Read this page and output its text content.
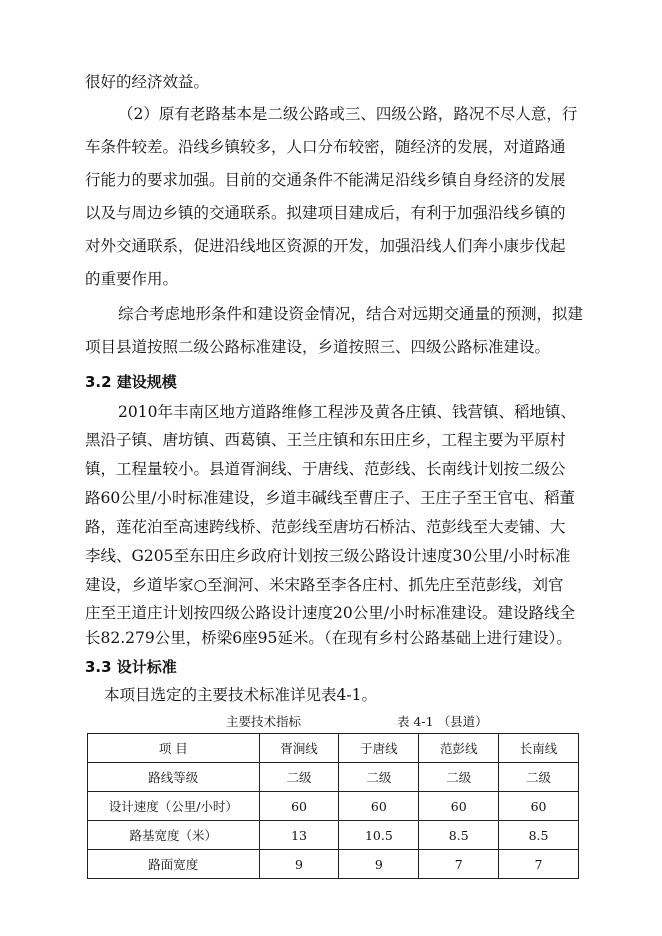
很好的经济效益。
（2）原有老路基本是二级公路或三、四级公路，路况不尽人意，行
车条件较差。沿线乡镇较多，人口分布较密，随经济的发展，对道路通
行能力的要求加强。目前的交通条件不能满足沿线乡镇自身经济的发展
以及与周边乡镇的交通联系。拟建项目建成后，有利于加强沿线乡镇的
对外交通联系，促进沿线地区资源的开发，加强沿线人们奔小康步伐起
的重要作用。
综合考虑地形条件和建设资金情况，结合对远期交通量的预测，拟建
项目县道按照二级公路标准建设，乡道按照三、四级公路标准建设。
3.2 建设规模
2010年丰南区地方道路维修工程涉及黄各庄镇、钱营镇、稻地镇、
黑沿子镇、唐坊镇、西葛镇、王兰庄镇和东田庄乡，工程主要为平原村
镇，工程量较小。县道胥涧线、于唐线、范彭线、长南线计划按二级公
路60公里/小时标准建设，乡道丰碱线至曹庄子、王庄子至王官屯、稻董
路，莲花泊至高速跨线桥、范彭线至唐坊石桥沽、范彭线至大麦铺、大
李线、G205至东田庄乡政府计划按三级公路设计速度30公里/小时标准
建设，乡道毕家○至涧河、米宋路至李各庄村、抓先庄至范彭线，刘官
庄至王道庄计划按四级公路设计速度20公里/小时标准建设。建设路线全
长82.279公里，桥梁6座95延米。（在现有乡村公路基础上进行建设）。
主要技术指标	表 4-1 （县道）
项 目	胥涧线	于唐线	范彭线	长南线
路线等级	二级	二级	二级	二级
设计速度（公里/小时）	60	60	60	60
路基宽度（米）	13	10.5	8.5	8.5
路面宽度	9	9	7	7
3.3 设计标准
本项目选定的主要技术标准详见表4-1。
